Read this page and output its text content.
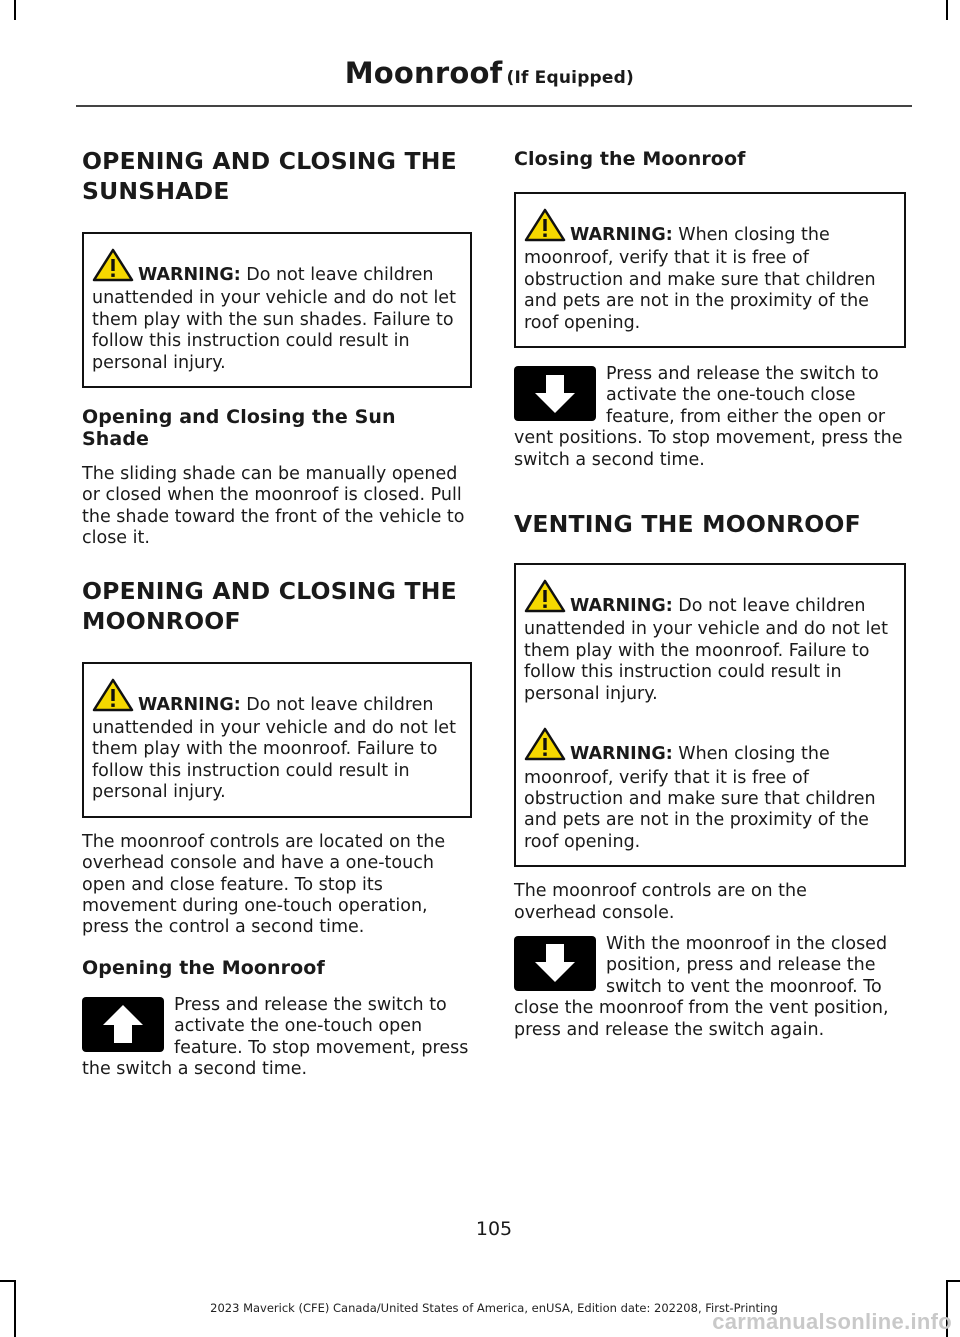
Moonroof (If Equipped)
OPENING AND CLOSING THE
SUNSHADE
WARNING: Do not leave children unattended in your vehicle and do not let them play with the sun shades. Failure to follow this instruction could result in personal injury.
Opening and Closing the Sun Shade

The sliding shade can be manually opened or closed when the moonroof is closed. Pull the shade toward the front of the vehicle to close it.

OPENING AND CLOSING THE
MOONROOF
WARNING: Do not leave children unattended in your vehicle and do not let them play with the moonroof. Failure to follow this instruction could result in personal injury.

The moonroof controls are located on the overhead console and have a one-touch open and close feature. To stop its movement during one-touch operation, press the control a second time.

Opening the Moonroof

Press and release the switch to activate the one-touch open feature. To stop movement, press the switch a second time.

Closing the Moonroof
WARNING: When closing the moonroof, verify that it is free of obstruction and make sure that children and pets are not in the proximity of the roof opening.

Press and release the switch to activate the one-touch close feature, from either the open or vent positions. To stop movement, press the switch a second time.

VENTING THE MOONROOF
WARNING: Do not leave children unattended in your vehicle and do not let them play with the moonroof. Failure to follow this instruction could result in personal injury.
WARNING: When closing the moonroof, verify that it is free of obstruction and make sure that children and pets are not in the proximity of the roof opening.

The moonroof controls are on the overhead console.

With the moonroof in the closed position, press and release the switch to vent the moonroof. To close the moonroof from the vent position, press and release the switch again.

105
2023 Maverick (CFE) Canada/United States of America, enUSA, Edition date: 202208, First-Printing
carmanualsonline.info
